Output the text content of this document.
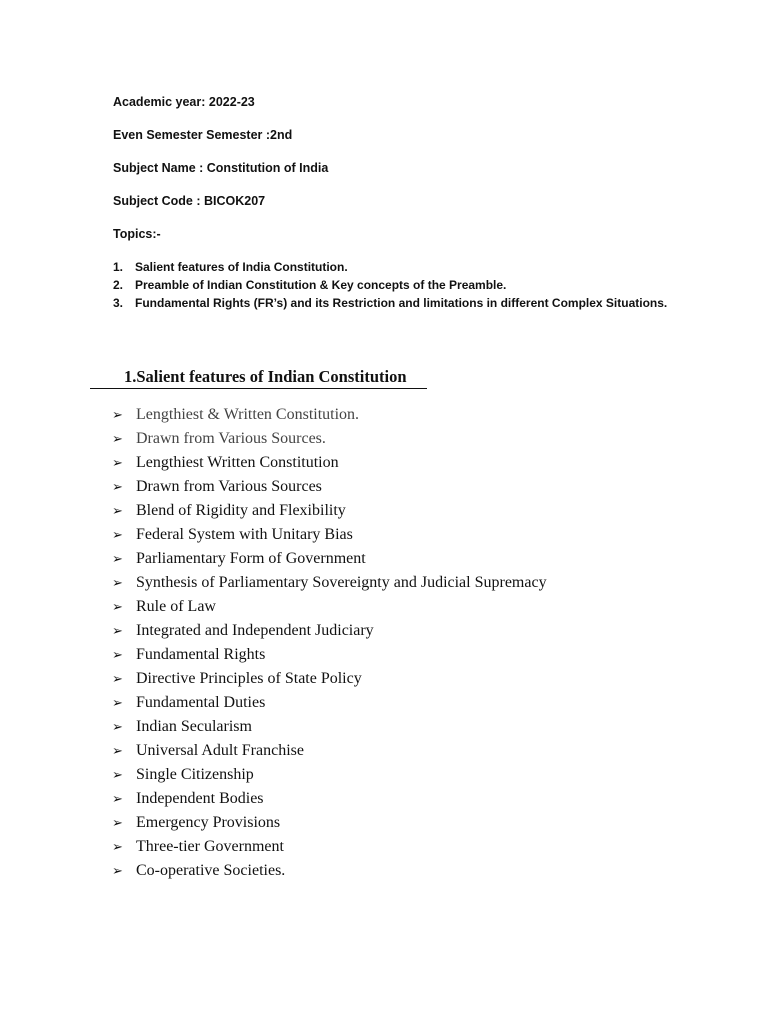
Academic year: 2022-23
Even Semester Semester :2nd
Subject Name : Constitution of India
Subject Code : BICOK207
Topics:-
1. Salient features of India Constitution.
2. Preamble of Indian Constitution & Key concepts of the Preamble.
3. Fundamental Rights (FR’s) and its Restriction and limitations in different Complex Situations.
1.Salient features of Indian Constitution
➢ Lengthiest & Written Constitution.
➢ Drawn from Various Sources.
➢ Lengthiest Written Constitution
➢ Drawn from Various Sources
➢ Blend of Rigidity and Flexibility
➢ Federal System with Unitary Bias
➢ Parliamentary Form of Government
➢ Synthesis of Parliamentary Sovereignty and Judicial Supremacy
➢ Rule of Law
➢ Integrated and Independent Judiciary
➢ Fundamental Rights
➢ Directive Principles of State Policy
➢ Fundamental Duties
➢ Indian Secularism
➢ Universal Adult Franchise
➢ Single Citizenship
➢ Independent Bodies
➢ Emergency Provisions
➢ Three-tier Government
➢ Co-operative Societies.
